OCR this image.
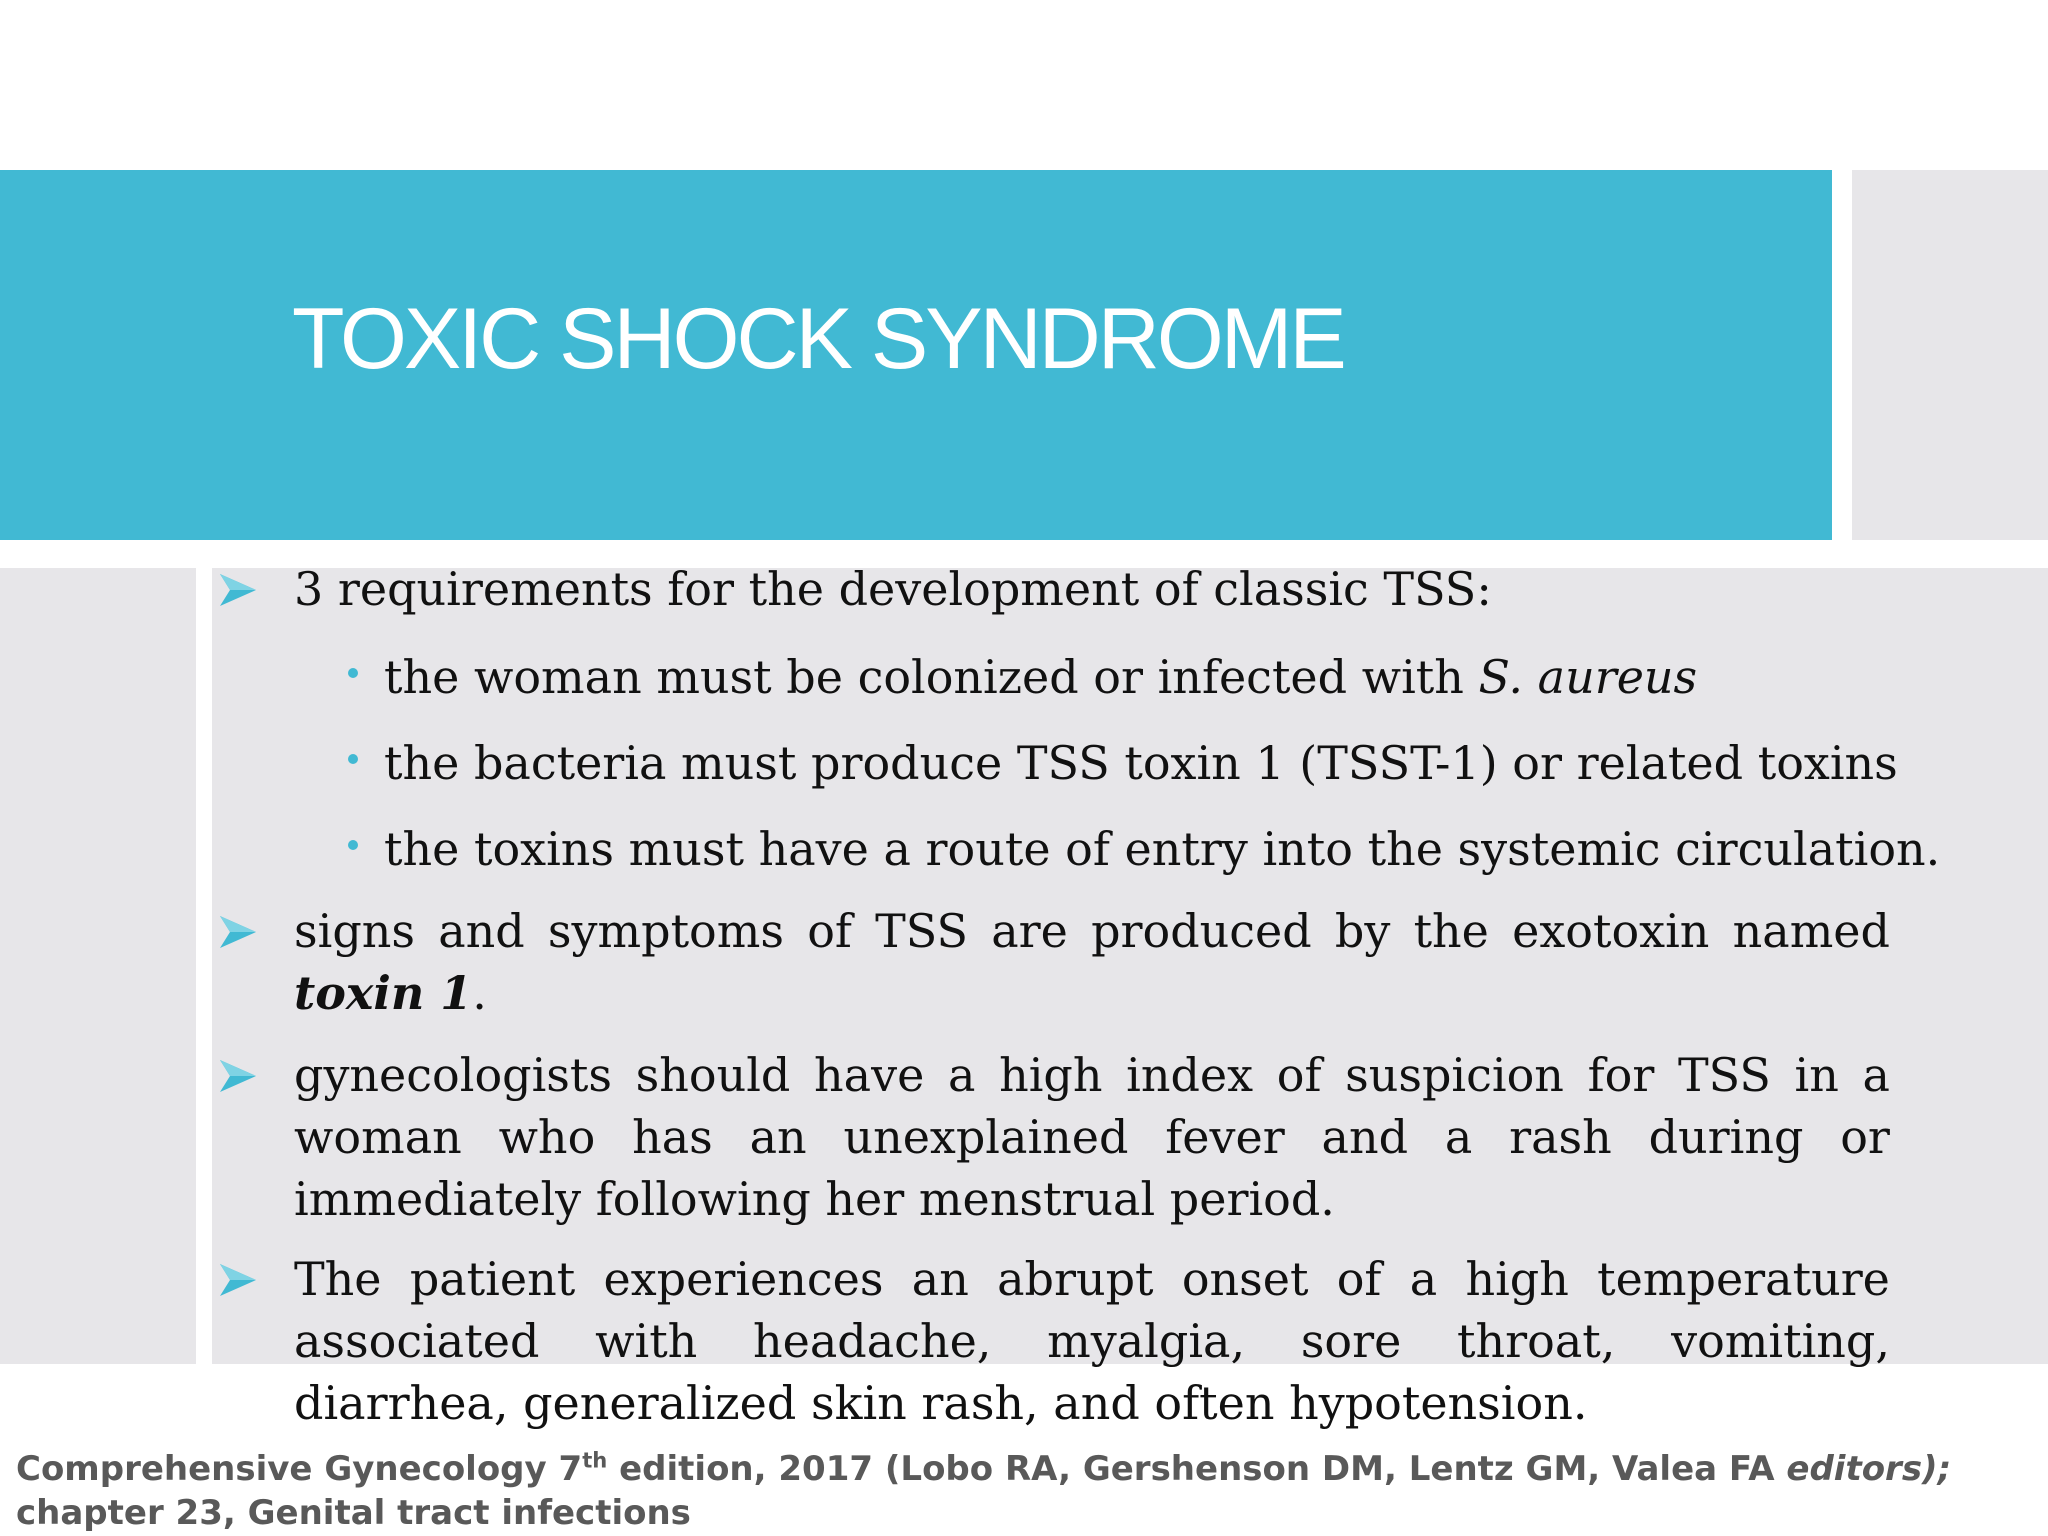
TOXIC SHOCK SYNDROME
3 requirements for the development of classic TSS:
the woman must be colonized or infected with S. aureus
the bacteria must produce TSS toxin 1 (TSST-1) or related toxins
the toxins must have a route of entry into the systemic circulation.
signs and symptoms of TSS are produced by the exotoxin named
toxin 1.
gynecologists should have a high index of suspicion for TSS in a
woman who has an unexplained fever and a rash during or
immediately following her menstrual period.
The patient experiences an abrupt onset of a high temperature
associated with headache, myalgia, sore throat, vomiting,
diarrhea, generalized skin rash, and often hypotension.
Comprehensive Gynecology 7th edition, 2017 (Lobo RA, Gershenson DM, Lentz GM, Valea FA editors);
chapter 23, Genital tract infections
